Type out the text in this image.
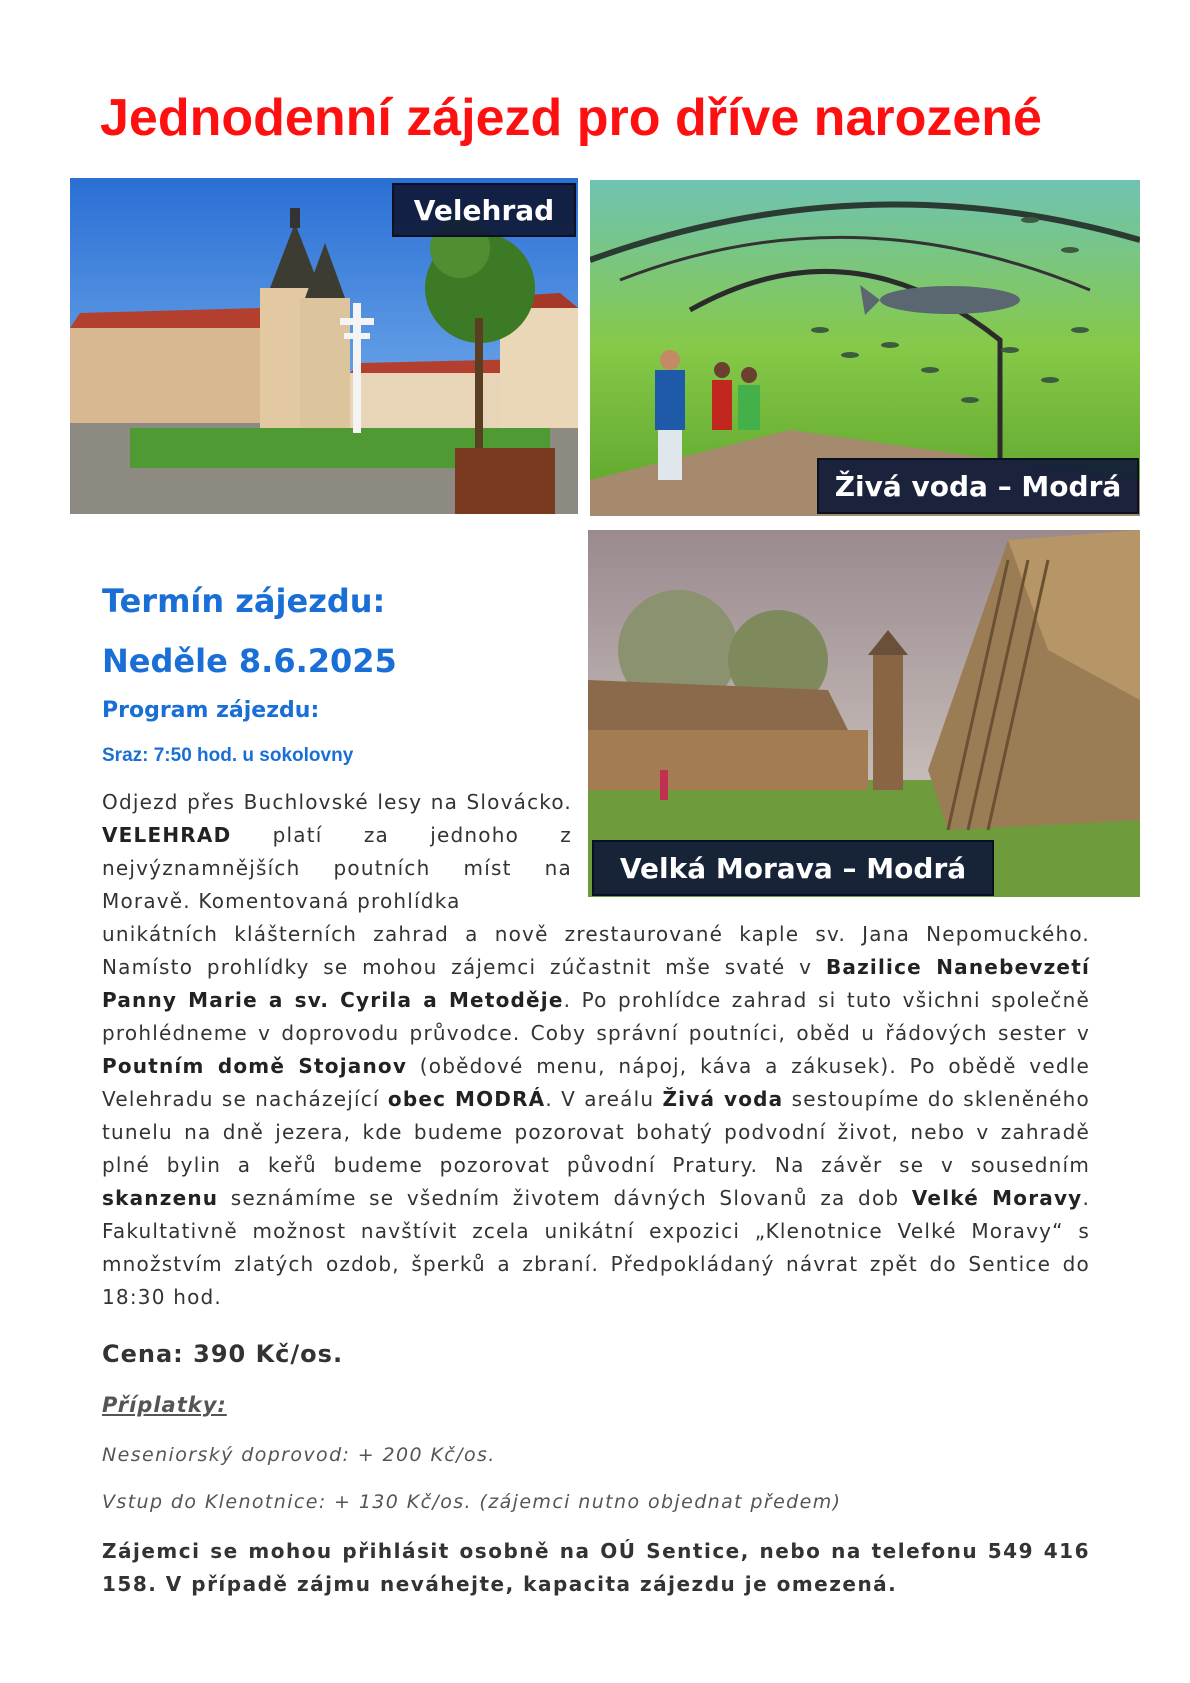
Jednodenní zájezd pro dříve narozené
Velehrad
Živá voda – Modrá
Velká Morava – Modrá
Termín zájezdu:
Neděle 8.6.2025
Program zájezdu:
Sraz: 7:50 hod. u sokolovny
Odjezd přes Buchlovské lesy na Slovácko. VELEHRAD platí za jednoho z nejvýznamnějších poutních míst na Moravě. Komentovaná prohlídka
unikátních klášterních zahrad a nově zrestaurované kaple sv. Jana Nepomuckého. Namísto prohlídky se mohou zájemci zúčastnit mše svaté v Bazilice Nanebevzetí Panny Marie a sv. Cyrila a Metoděje. Po prohlídce zahrad si tuto všichni společně prohlédneme v doprovodu průvodce. Coby správní poutníci, oběd u řádových sester v Poutním domě Stojanov (obědové menu, nápoj, káva a zákusek). Po obědě vedle Velehradu se nacházející obec MODRÁ. V areálu Živá voda sestoupíme do skleněného tunelu na dně jezera, kde budeme pozorovat bohatý podvodní život, nebo v zahradě plné bylin a keřů budeme pozorovat původní Pratury. Na závěr se v sousedním skanzenu seznámíme se všedním životem dávných Slovanů za dob Velké Moravy. Fakultativně možnost navštívit zcela unikátní expozici „Klenotnice Velké Moravy“ s množstvím zlatých ozdob, šperků a zbraní. Předpokládaný návrat zpět do Sentice do 18:30 hod.
Cena: 390 Kč/os.
Příplatky:
Neseniorský doprovod: + 200 Kč/os.
Vstup do Klenotnice: + 130 Kč/os. (zájemci nutno objednat předem)
Zájemci se mohou přihlásit osobně na OÚ Sentice, nebo na telefonu 549 416 158. V případě zájmu neváhejte, kapacita zájezdu je omezená.
